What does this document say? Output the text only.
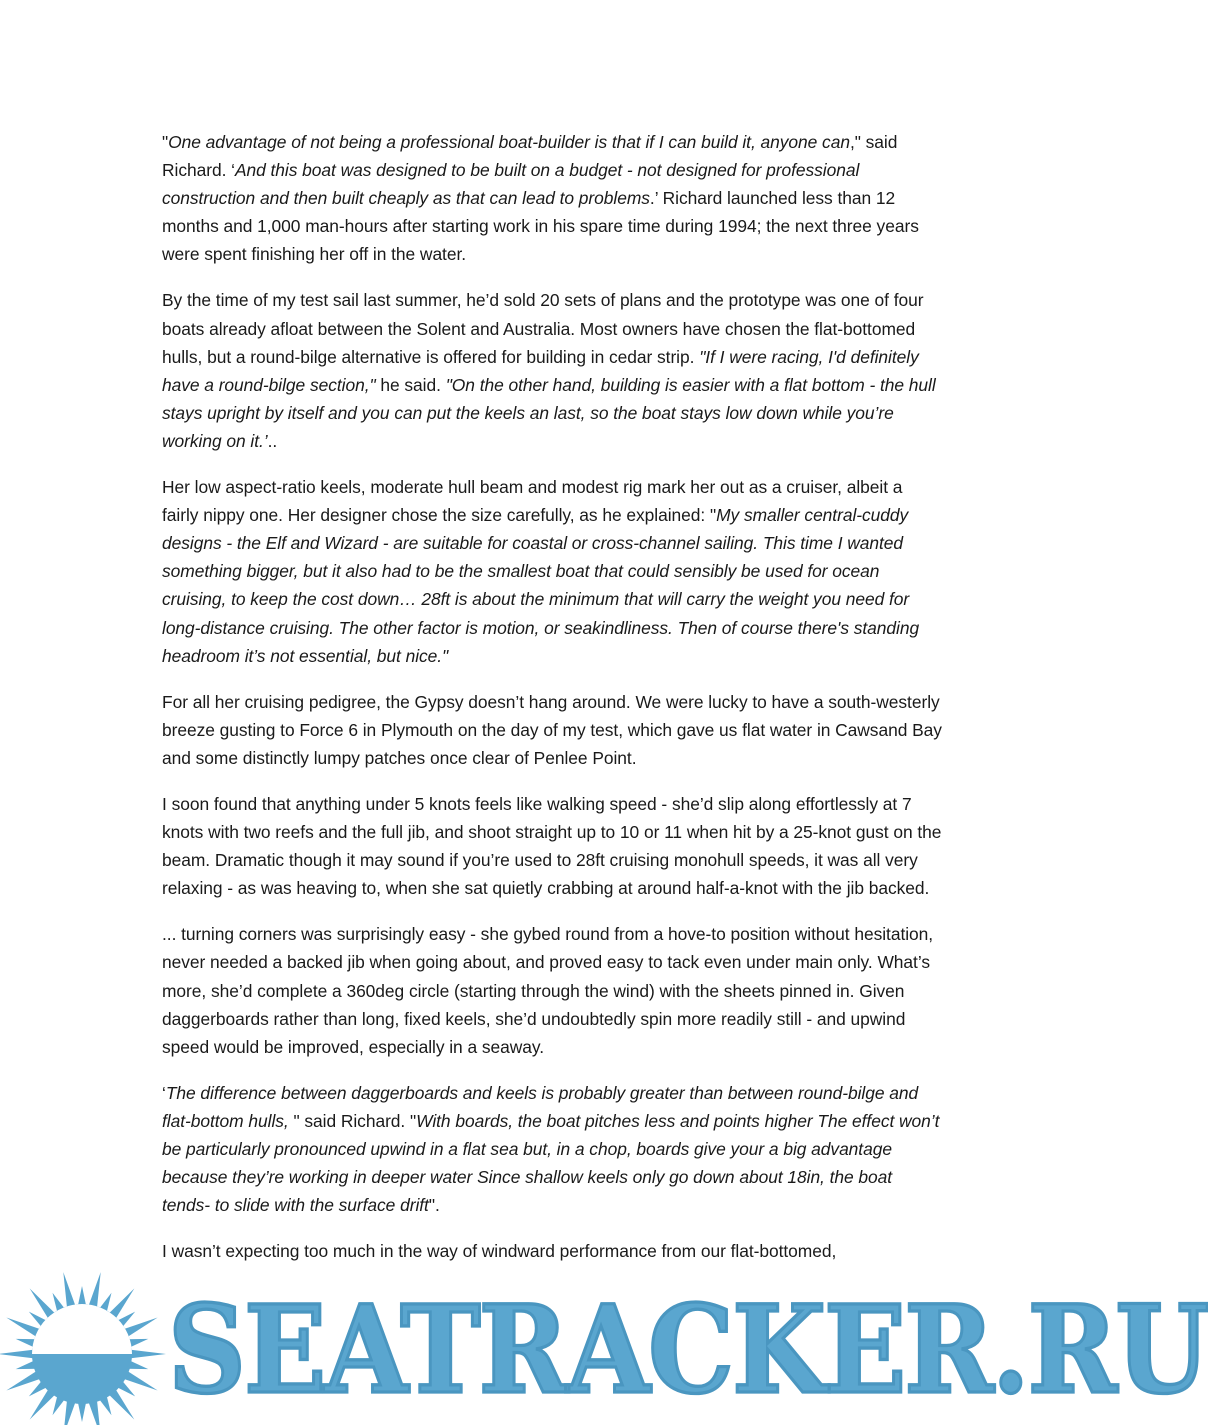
"One advantage of not being a professional boat-builder is that if I can build it, anyone can," said Richard. ‘And this boat was designed to be built on a budget - not designed for professional construction and then built cheaply as that can lead to problems.’ Richard launched less than 12 months and 1,000 man-hours after starting work in his spare time during 1994; the next three years were spent finishing her off in the water.

By the time of my test sail last summer, he’d sold 20 sets of plans and the prototype was one of four boats already afloat between the Solent and Australia. Most owners have chosen the flat-bottomed hulls, but a round-bilge alternative is offered for building in cedar strip. "If I were racing, I'd definitely have a round-bilge section," he said. "On the other hand, building is easier with a flat bottom - the hull stays upright by itself and you can put the keels an last, so the boat stays low down while you’re working on it.’..

Her low aspect-ratio keels, moderate hull beam and modest rig mark her out as a cruiser, albeit a fairly nippy one. Her designer chose the size carefully, as he explained: "My smaller central-cuddy designs - the Elf and Wizard - are suitable for coastal or cross-channel sailing. This time I wanted something bigger, but it also had to be the smallest boat that could sensibly be used for ocean cruising, to keep the cost down… 28ft is about the minimum that will carry the weight you need for long-distance cruising. The other factor is motion, or seakindliness. Then of course there's standing headroom it’s not essential, but nice."

For all her cruising pedigree, the Gypsy doesn’t hang around. We were lucky to have a south-westerly breeze gusting to Force 6 in Plymouth on the day of my test, which gave us flat water in Cawsand Bay and some distinctly lumpy patches once clear of Penlee Point.

I soon found that anything under 5 knots feels like walking speed - she’d slip along effortlessly at 7 knots with two reefs and the full jib, and shoot straight up to 10 or 11 when hit by a 25-knot gust on the beam. Dramatic though it may sound if you’re used to 28ft cruising monohull speeds, it was all very relaxing - as was heaving to, when she sat quietly crabbing at around half-a-knot with the jib backed.

... turning corners was surprisingly easy - she gybed round from a hove-to position without hesitation, never needed a backed jib when going about, and proved easy to tack even under main only. What’s more, she’d complete a 360deg circle (starting through the wind) with the sheets pinned in. Given daggerboards rather than long, fixed keels, she’d undoubtedly spin more readily still - and upwind speed would be improved, especially in a seaway.

‘The difference between daggerboards and keels is probably greater than between round-bilge and flat-bottom hulls, " said Richard. "With boards, the boat pitches less and points higher The effect won’t be particularly pronounced upwind in a flat sea but, in a chop, boards give your a big advantage because they’re working in deeper water Since shallow keels only go down about 18in, the boat tends- to slide with the surface drift".

I wasn’t expecting too much in the way of windward performance from our flat-bottomed,

SEATRACKER.RU
